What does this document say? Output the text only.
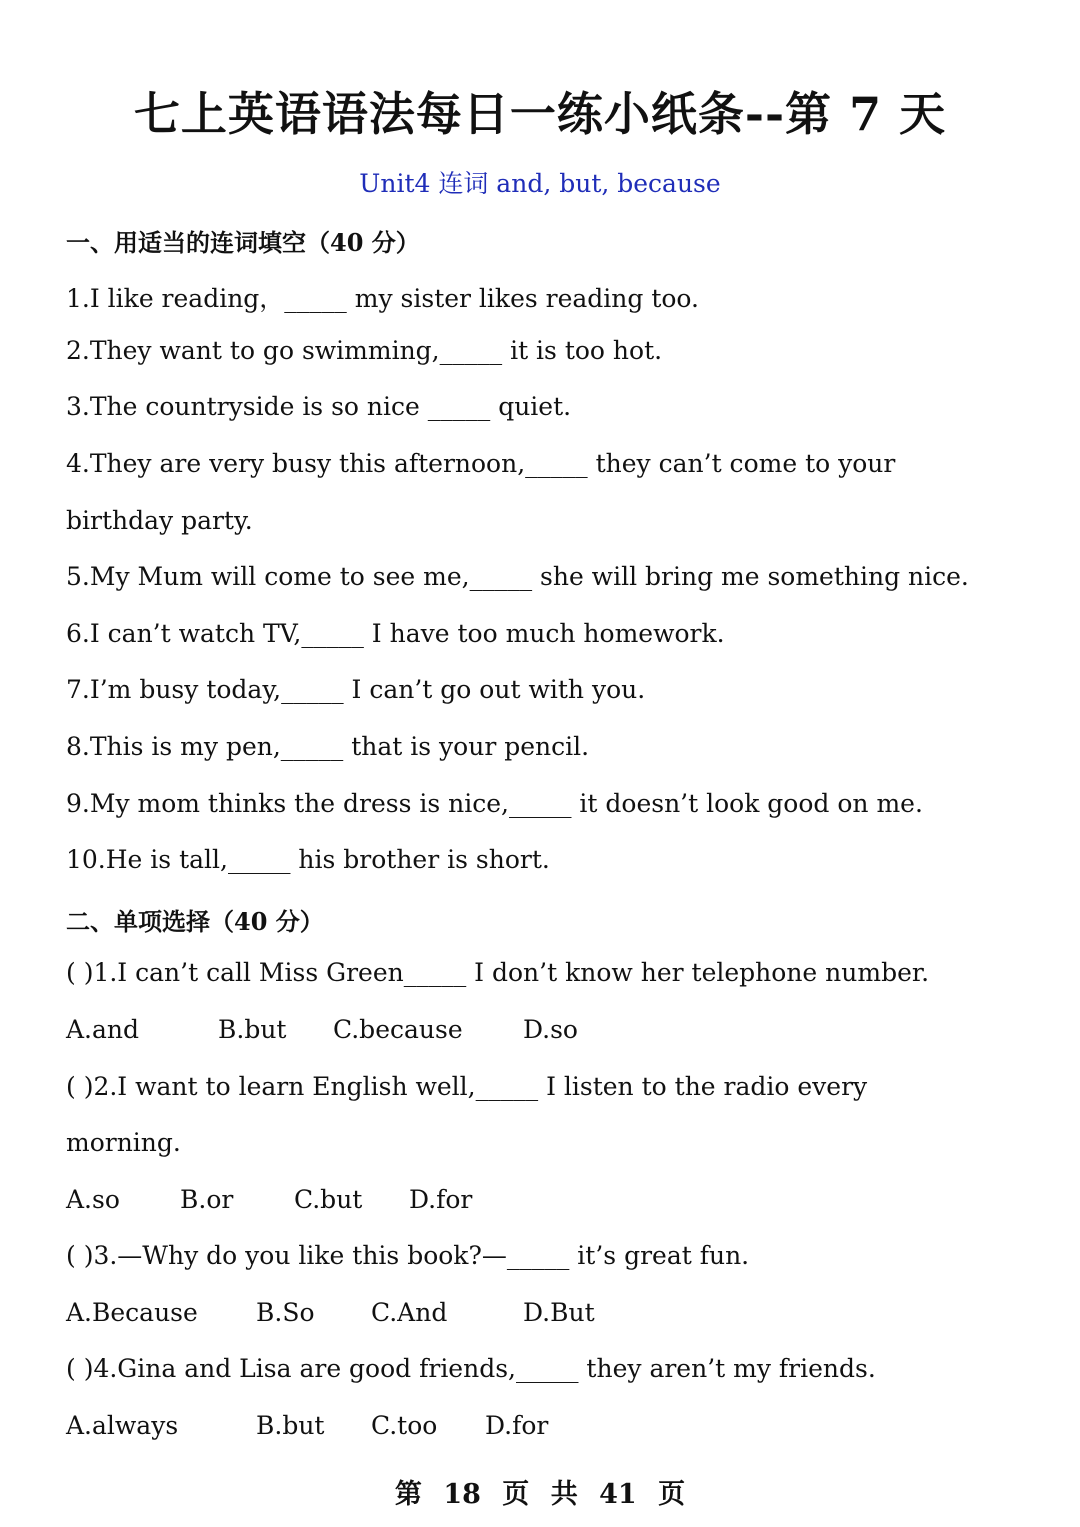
七上英语语法每日一练小纸条--第 7 天
Unit4 连词 and, but, because
一、用适当的连词填空（40 分）
1.I like reading，_____ my sister likes reading too.
2.They want to go swimming,_____ it is too hot.
3.The countryside is so nice _____ quiet.
4.They are very busy this afternoon,_____ they can’t come to your
birthday party.
5.My Mum will come to see me,_____ she will bring me something nice.
6.I can’t watch TV,_____ I have too much homework.
7.I’m busy today,_____ I can’t go out with you.
8.This is my pen,_____ that is your pencil.
9.My mom thinks the dress is nice,_____ it doesn’t look good on me.
10.He is tall,_____ his brother is short.
二、单项选择（40 分）
( )1.I can’t call Miss Green_____ I don’t know her telephone number.
A.and	B.but C.because D.so
( )2.I want to learn English well,_____ I listen to the radio every
morning.
A.so B.or C.but D.for
( )3.—Why do you like this book?—_____ it’s great fun.
A.Because B.So C.And	D.But
( )4.Gina and Lisa are good friends,_____ they aren’t my friends.
A.always	B.but C.too D.for
第 18 页 共 41 页
